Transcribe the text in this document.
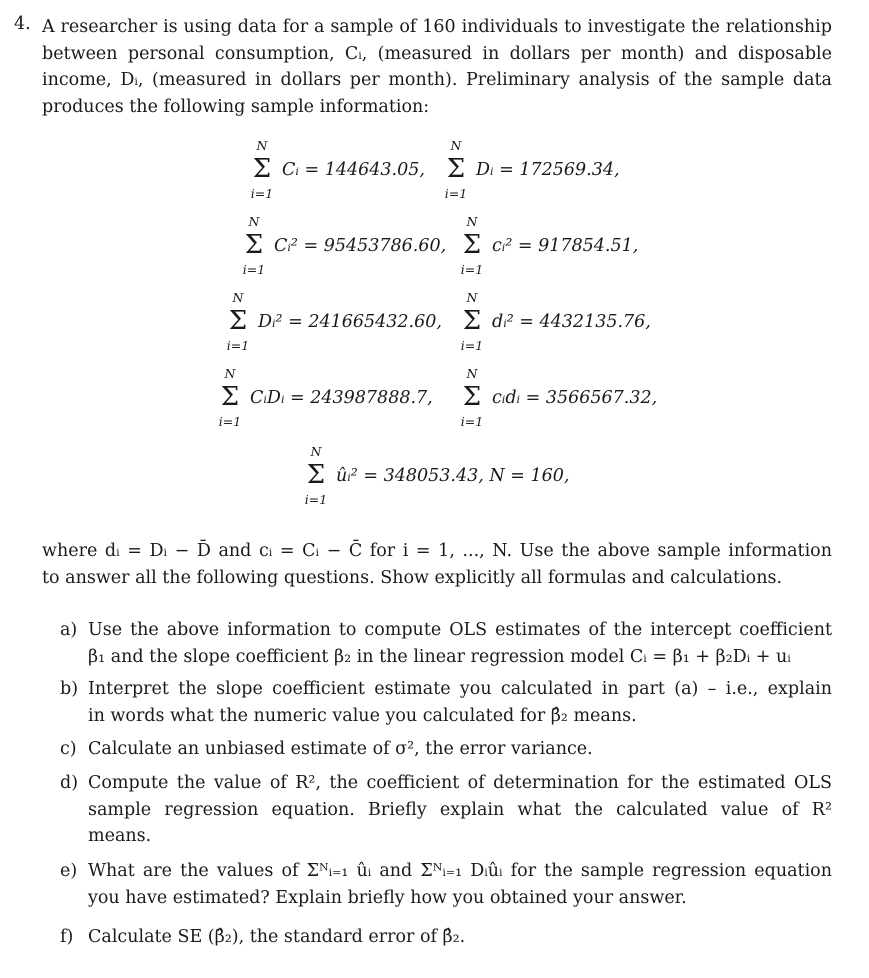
4. A researcher is using data for a sample of 160 individuals to investigate the relationship
between personal consumption, Cᵢ, (measured in dollars per month) and disposable
income, Dᵢ, (measured in dollars per month). Preliminary analysis of the sample data
produces the following sample information:
N
Σ
i=1
Cᵢ = 144643.05,
N
Σ
i=1
Dᵢ = 172569.34,
N
Σ
i=1
Cᵢ² = 95453786.60,
N
Σ
i=1
cᵢ² = 917854.51,
N
Σ
i=1
Dᵢ² = 241665432.60,
N
Σ
i=1
dᵢ² = 4432135.76,
N
Σ
i=1
CᵢDᵢ = 243987888.7,
N
Σ
i=1
cᵢdᵢ = 3566567.32,
N
Σ
i=1
ûᵢ² = 348053.43, N = 160,
where dᵢ = Dᵢ − D̄ and cᵢ = Cᵢ − C̄ for i = 1, ..., N. Use the above sample information
to answer all the following questions. Show explicitly all formulas and calculations.
a) Use the above information to compute OLS estimates of the intercept coefficient
β₁ and the slope coefficient β₂ in the linear regression model Cᵢ = β₁ + β₂Dᵢ + uᵢ
b) Interpret the slope coefficient estimate you calculated in part (a) – i.e., explain
in words what the numeric value you calculated for β̂₂ means.
c) Calculate an unbiased estimate of σ², the error variance.
d) Compute the value of R², the coefficient of determination for the estimated OLS
sample regression equation. Briefly explain what the calculated value of R²
means.
e) What are the values of Σᴺᵢ₌₁ ûᵢ and Σᴺᵢ₌₁ Dᵢûᵢ for the sample regression equation
you have estimated? Explain briefly how you obtained your answer.
f) Calculate SE (β̂₂), the standard error of β̂₂.
